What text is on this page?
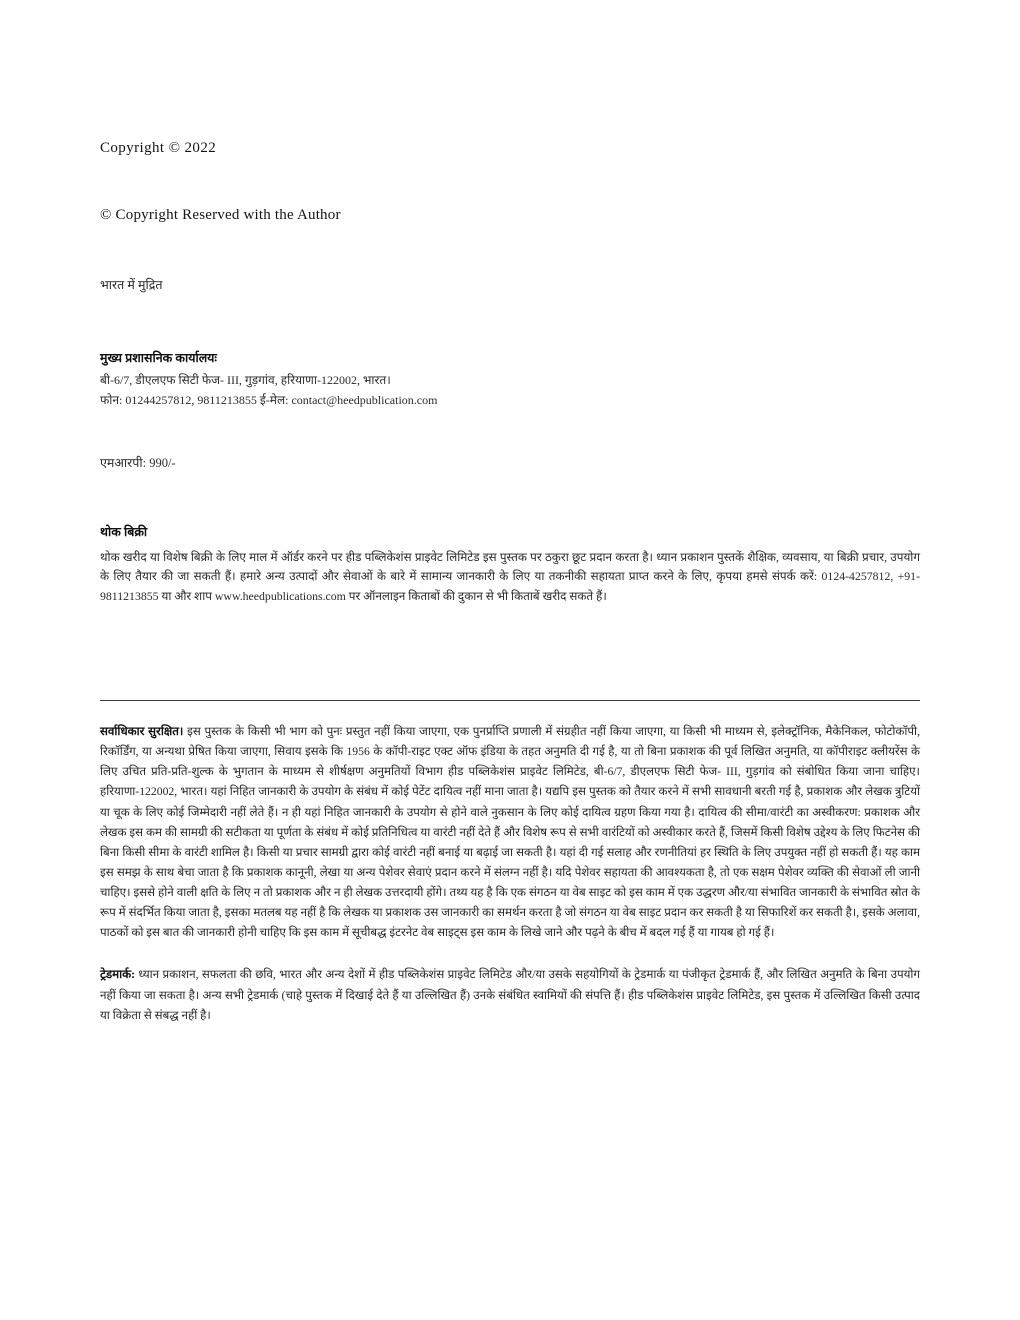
Copyright © 2022

© Copyright Reserved with the Author

भारत में मुद्रित

मुख्य प्रशासनिक कार्यालयः

बी-6/7, डीएलएफ सिटी फेज- III, गुड़गांव, हरियाणा-122002, भारत।

फोन: 01244257812, 9811213855 ई-मेल: contact@heedpublication.com

एमआरपी: 990/-

थोक बिक्री

थोक खरीद या विशेष बिक्री के लिए माल में ऑर्डर करने पर हीड पब्लिकेशंस प्राइवेट लिमिटेड इस पुस्तक पर ठकुरा छूट प्रदान करता है। ध्यान प्रकाशन पुस्तकें शैक्षिक, व्यवसाय, या बिक्री प्रचार, उपयोग के लिए तैयार की जा सकती हैं। हमारे अन्य उत्पादों और सेवाओं के बारे में सामान्य जानकारी के लिए या तकनीकी सहायता प्राप्त करने के लिए, कृपया हमसे संपर्क करें: 0124-4257812, +91-9811213855 या और शाप www.heedpublications.com पर ऑनलाइन किताबों की दुकान से भी किताबें खरीद सकते हैं।

सर्वाधिकार सुरक्षित। इस पुस्तक के किसी भी भाग को पुनः प्रस्तुत नहीं किया जाएगा, एक पुनर्प्राप्ति प्रणाली में संग्रहीत नहीं किया जाएगा, या किसी भी माध्यम से, इलेक्ट्रॉनिक, मैकेनिकल, फोटोकॉपी, रिकॉर्डिंग, या अन्यथा प्रेषित किया जाएगा, सिवाय इसके कि 1956 के कॉपी-राइट एक्ट ऑफ इंडिया के तहत अनुमति दी गई है, या तो बिना प्रकाशक की पूर्व लिखित अनुमति, या कॉपीराइट क्लीयरेंस के लिए उचित प्रति-प्रति-शुल्क के भुगतान के माध्यम से शीर्षक्षण अनुमतियों विभाग हीड पब्लिकेशंस प्राइवेट लिमिटेड, बी-6/7, डीएलएफ सिटी फेज- III, गुड़गांव को संबोधित किया जाना चाहिए। हरियाणा-122002, भारत। यहां निहित जानकारी के उपयोग के संबंध में कोई पेटेंट दायित्व नहीं माना जाता है। यद्यपि इस पुस्तक को तैयार करने में सभी सावधानी बरती गई है, प्रकाशक और लेखक त्रुटियों या चूक के लिए कोई जिम्मेदारी नहीं लेते हैं। न ही यहां निहित जानकारी के उपयोग से होने वाले नुकसान के लिए कोई दायित्व ग्रहण किया गया है। दायित्व की सीमा/वारंटी का अस्वीकरण: प्रकाशक और लेखक इस कम की सामग्री की सटीकता या पूर्णता के संबंध में कोई प्रतिनिधित्व या वारंटी नहीं देते हैं और विशेष रूप से सभी वारंटियों को अस्वीकार करते हैं, जिसमें किसी विशेष उद्देश्य के लिए फिटनेस की बिना किसी सीमा के वारंटी शामिल है। किसी या प्रचार सामग्री द्वारा कोई वारंटी नहीं बनाई या बढ़ाई जा सकती है। यहां दी गई सलाह और रणनीतियां हर स्थिति के लिए उपयुक्त नहीं हो सकती हैं। यह काम इस समझ के साथ बेचा जाता है कि प्रकाशक कानूनी, लेखा या अन्य पेशेवर सेवाएं प्रदान करने में संलग्न नहीं है। यदि पेशेवर सहायता की आवश्यकता है, तो एक सक्षम पेशेवर व्यक्ति की सेवाओं ली जानी चाहिए। इससे होने वाली क्षति के लिए न तो प्रकाशक और न ही लेखक उत्तरदायी होंगे। तथ्य यह है कि एक संगठन या वेब साइट को इस काम में एक उद्धरण और/या संभावित जानकारी के संभावित स्रोत के रूप में संदर्भित किया जाता है, इसका मतलब यह नहीं है कि लेखक या प्रकाशक उस जानकारी का समर्थन करता है जो संगठन या वेब साइट प्रदान कर सकती है या सिफारिशें कर सकती है।, इसके अलावा, पाठकों को इस बात की जानकारी होनी चाहिए कि इस काम में सूचीबद्ध इंटरनेट वेब साइट्स इस काम के लिखे जाने और पढ़ने के बीच में बदल गई हैं या गायब हो गई हैं।

ट्रेडमार्क: ध्यान प्रकाशन, सफलता की छवि, भारत और अन्य देशों में हीड पब्लिकेशंस प्राइवेट लिमिटेड और/या उसके सहयोगियों के ट्रेडमार्क या पंजीकृत ट्रेडमार्क हैं, और लिखित अनुमति के बिना उपयोग नहीं किया जा सकता है। अन्य सभी ट्रेडमार्क (चाहे पुस्तक में दिखाई देते हैं या उल्लिखित हैं) उनके संबंधित स्वामियों की संपत्ति हैं। हीड पब्लिकेशंस प्राइवेट लिमिटेड, इस पुस्तक में उल्लिखित किसी उत्पाद या विक्रेता से संबद्ध नहीं है।
